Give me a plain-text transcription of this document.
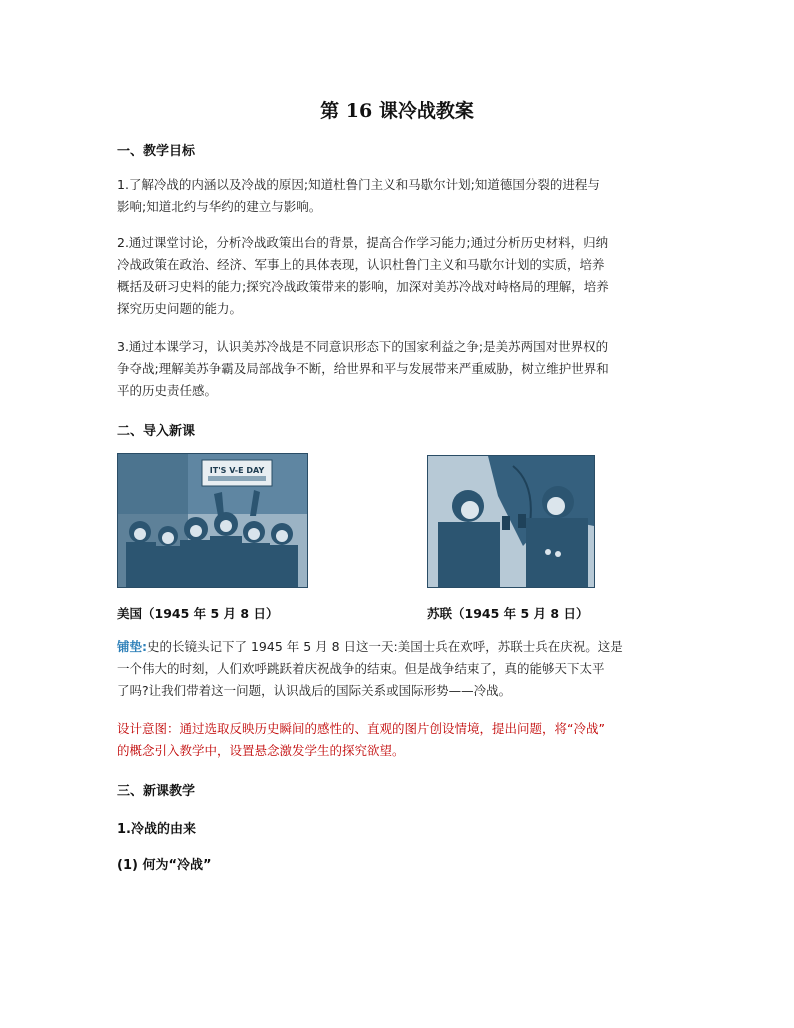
第 16 课冷战教案
一、教学目标
1.了解冷战的内涵以及冷战的原因;知道杜鲁门主义和马歇尔计划;知道德国分裂的进程与
影响;知道北约与华约的建立与影响。
2.通过课堂讨论，分析冷战政策出台的背景，提高合作学习能力;通过分析历史材料，归纳
冷战政策在政治、经济、军事上的具体表现，认识杜鲁门主义和马歇尔计划的实质，培养
概括及研习史料的能力;探究冷战政策带来的影响，加深对美苏冷战对峙格局的理解，培养
探究历史问题的能力。
3.通过本课学习，认识美苏冷战是不同意识形态下的国家利益之争;是美苏两国对世界权的
争夺战;理解美苏争霸及局部战争不断，给世界和平与发展带来严重威胁，树立维护世界和
平的历史责任感。
二、导入新课
IT'S V-E DAY
美国（1945 年 5 月 8 日）	苏联（1945 年 5 月 8 日）
铺垫:史的长镜头记下了 1945 年 5 月 8 日这一天:美国士兵在欢呼，苏联士兵在庆祝。这是
一个伟大的时刻，人们欢呼跳跃着庆祝战争的结束。但是战争结束了，真的能够天下太平
了吗?让我们带着这一问题，认识战后的国际关系或国际形势——冷战。
设计意图：通过选取反映历史瞬间的感性的、直观的图片创设情境，提出问题，将“冷战”
的概念引入教学中，设置悬念激发学生的探究欲望。
三、新课教学
1.冷战的由来
(1) 何为“冷战”
